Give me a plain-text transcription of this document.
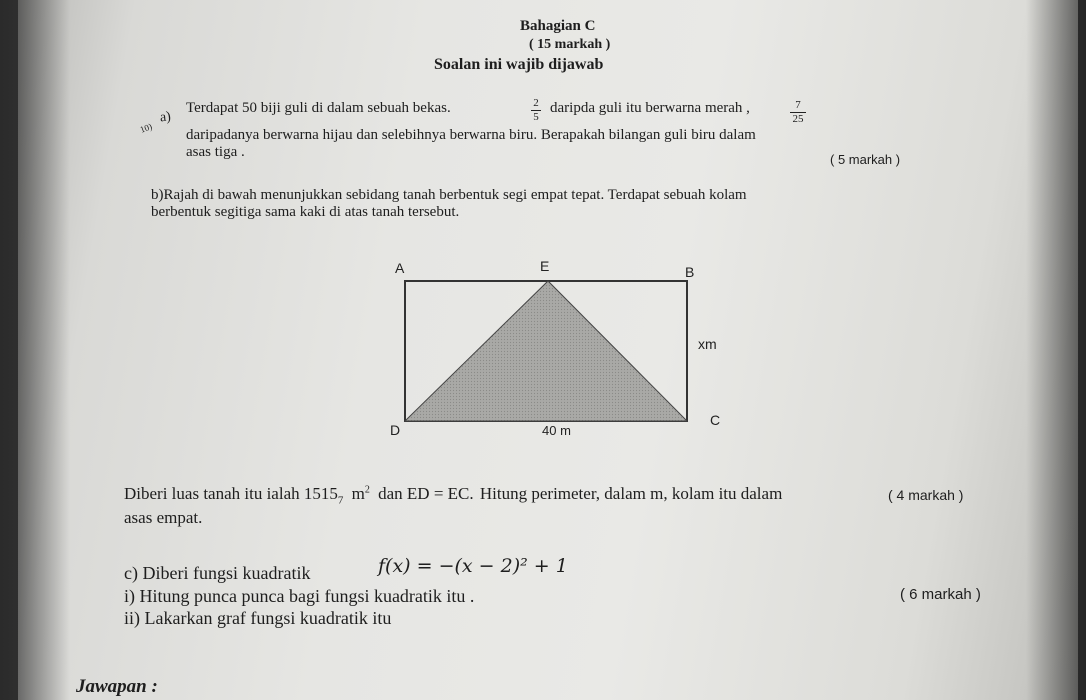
Bahagian C
( 15 markah )
Soalan ini wajib dijawab
10)
a)
Terdapat 50 biji guli di dalam sebuah bekas.	2
5
daripda guli itu berwarna merah ,	7
25
daripadanya berwarna hijau dan selebihnya berwarna biru. Berapakah bilangan guli biru dalam
asas tiga .	( 5 markah )
b)Rajah di bawah menunjukkan sebidang tanah berbentuk segi empat tepat. Terdapat sebuah kolam
berbentuk segitiga sama kaki di atas tanah tersebut.
A	E	B
C
D
xm
40 m
Diberi luas tanah itu ialah $1515_7$ $m^2$ dan ED = EC. Hitung perimeter, dalam m, kolam itu dalam	( 4 markah )
asas empat.
c) Diberi fungsi kuadratik	f(x) = −(x − 2)² + 1
i) Hitung punca punca bagi fungsi kuadratik itu .
ii) Lakarkan graf fungsi kuadratik itu
( 6 markah )
Jawapan :
